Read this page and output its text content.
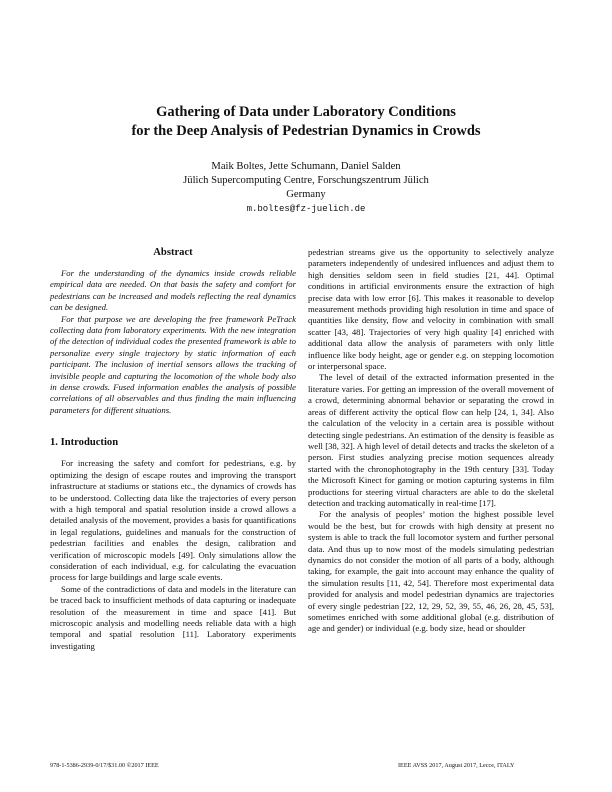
Gathering of Data under Laboratory Conditions
for the Deep Analysis of Pedestrian Dynamics in Crowds
Maik Boltes, Jette Schumann, Daniel Salden
Jülich Supercomputing Centre, Forschungszentrum Jülich
Germany
m.boltes@fz-juelich.de
Abstract

For the understanding of the dynamics inside crowds reliable empirical data are needed. On that basis the safety and comfort for pedestrians can be increased and models reflecting the real dynamics can be designed.

For that purpose we are developing the free framework PeTrack collecting data from laboratory experiments. With the new integration of the detection of individual codes the presented framework is able to personalize every single trajectory by static information of each participant. The inclusion of inertial sensors allows the tracking of invisible people and capturing the locomotion of the whole body also in dense crowds. Fused information enables the analysis of possible correlations of all observables and thus finding the main influencing parameters for different situations.

1. Introduction

For increasing the safety and comfort for pedestrians, e.g. by optimizing the design of escape routes and improving the transport infrastructure at stadiums or stations etc., the dynamics of crowds has to be understood. Collecting data like the trajectories of every person with a high temporal and spatial resolution inside a crowd allows a detailed analysis of the movement, provides a basis for quantifications in legal regulations, guidelines and manuals for the construction of pedestrian facilities and enables the design, calibration and verification of microscopic models [49]. Only simulations allow the consideration of each individual, e.g. for calculating the evacuation process for large buildings and large scale events.

Some of the contradictions of data and models in the literature can be traced back to insufficient methods of data capturing or inadequate resolution of the measurement in time and space [41]. But microscopic analysis and modelling needs reliable data with a high temporal and spatial resolution [11]. Laboratory experiments investigating

pedestrian streams give us the opportunity to selectively analyze parameters independently of undesired influences and adjust them to high densities seldom seen in field studies [21, 44]. Optimal conditions in artificial environments ensure the extraction of high precise data with low error [6]. This makes it reasonable to develop measurement methods providing high resolution in time and space of quantities like density, flow and velocity in combination with small scatter [43, 48]. Trajectories of very high quality [4] enriched with additional data allow the analysis of parameters with only little influence like body height, age or gender e.g. on stepping locomotion or interpersonal space.

The level of detail of the extracted information presented in the literature varies. For getting an impression of the overall movement of a crowd, determining abnormal behavior or separating the crowd in areas of different activity the optical flow can help [24, 1, 34]. Also the calculation of the velocity in a certain area is possible without detecting single pedestrians. An estimation of the density is feasible as well [38, 32]. A high level of detail detects and tracks the skeleton of a person. First studies analyzing precise motion sequences already started with the chronophotography in the 19th century [33]. Today the Microsoft Kinect for gaming or motion capturing systems in film productions for steering virtual characters are able to do the skeletal detection and tracking automatically in real-time [17].

For the analysis of peoples’ motion the highest possible level would be the best, but for crowds with high density at present no system is able to track the full locomotor system and further personal data. And thus up to now most of the models simulating pedestrian dynamics do not consider the motion of all parts of a body, although taking, for example, the gait into account may enhance the quality of the simulation results [11, 42, 54]. Therefore most experimental data provided for analysis and model pedestrian dynamics are trajectories of every single pedestrian [22, 12, 29, 52, 39, 55, 46, 26, 28, 45, 53], sometimes enriched with some additional global (e.g. distribution of age and gender) or individual (e.g. body size, head or shoulder

978-1-5386-2939-0/17/$31.00 ©2017 IEEE	IEEE AVSS 2017, August 2017, Lecce, ITALY
